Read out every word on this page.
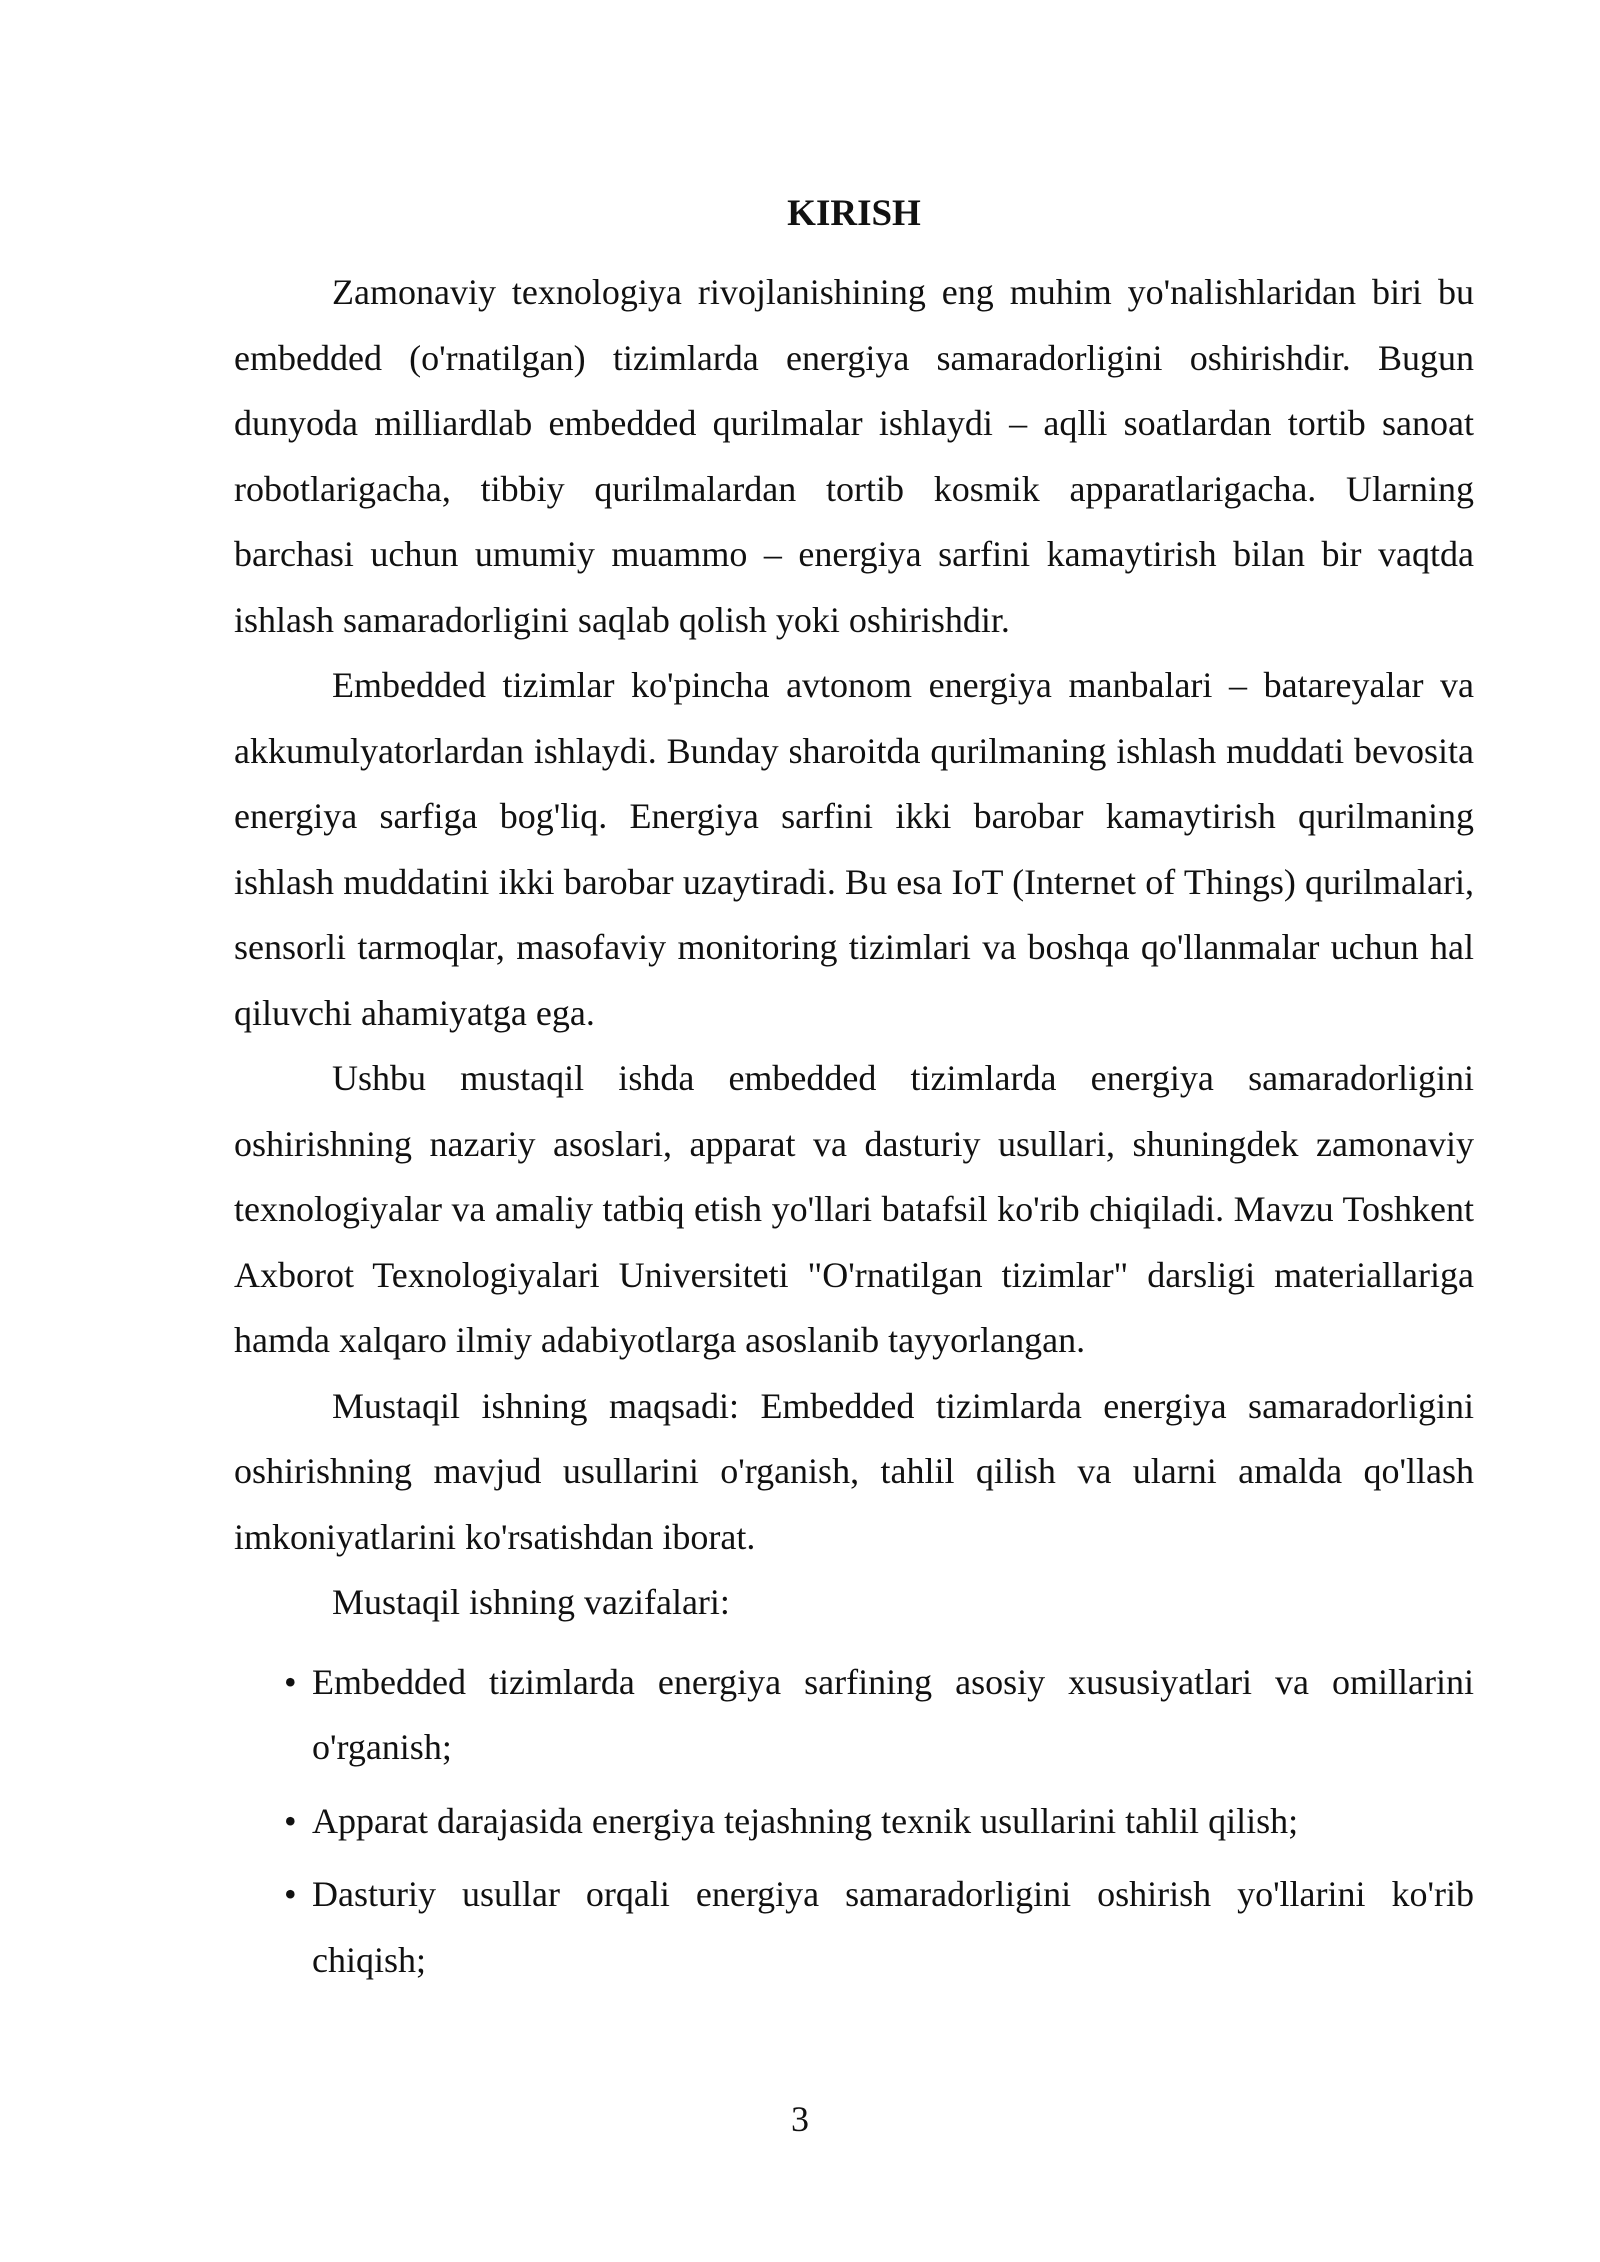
KIRISH

Zamonaviy texnologiya rivojlanishining eng muhim yo'nalishlaridan biri bu embedded (o'rnatilgan) tizimlarda energiya samaradorligini oshirishdir. Bugun dunyoda milliardlab embedded qurilmalar ishlaydi – aqlli soatlardan tortib sanoat robotlarigacha, tibbiy qurilmalardan tortib kosmik apparatlarigacha. Ularning barchasi uchun umumiy muammo – energiya sarfini kamaytirish bilan bir vaqtda ishlash samaradorligini saqlab qolish yoki oshirishdir.

Embedded tizimlar ko'pincha avtonom energiya manbalari – batareyalar va akkumulyatorlardan ishlaydi. Bunday sharoitda qurilmaning ishlash muddati bevosita energiya sarfiga bog'liq. Energiya sarfini ikki barobar kamaytirish qurilmaning ishlash muddatini ikki barobar uzaytiradi. Bu esa IoT (Internet of Things) qurilmalari, sensorli tarmoqlar, masofaviy monitoring tizimlari va boshqa qo'llanmalar uchun hal qiluvchi ahamiyatga ega.

Ushbu mustaqil ishda embedded tizimlarda energiya samaradorligini oshirishning nazariy asoslari, apparat va dasturiy usullari, shuningdek zamonaviy texnologiyalar va amaliy tatbiq etish yo'llari batafsil ko'rib chiqiladi. Mavzu Toshkent Axborot Texnologiyalari Universiteti "O'rnatilgan tizimlar" darsligi materiallariga hamda xalqaro ilmiy adabiyotlarga asoslanib tayyorlangan.

Mustaqil ishning maqsadi: Embedded tizimlarda energiya samaradorligini oshirishning mavjud usullarini o'rganish, tahlil qilish va ularni amalda qo'llash imkoniyatlarini ko'rsatishdan iborat.

Mustaqil ishning vazifalari:

• Embedded tizimlarda energiya sarfining asosiy xususiyatlari va omillarini o'rganish;
• Apparat darajasida energiya tejashning texnik usullarini tahlil qilish;
• Dasturiy usullar orqali energiya samaradorligini oshirish yo'llarini ko'rib chiqish;
3
